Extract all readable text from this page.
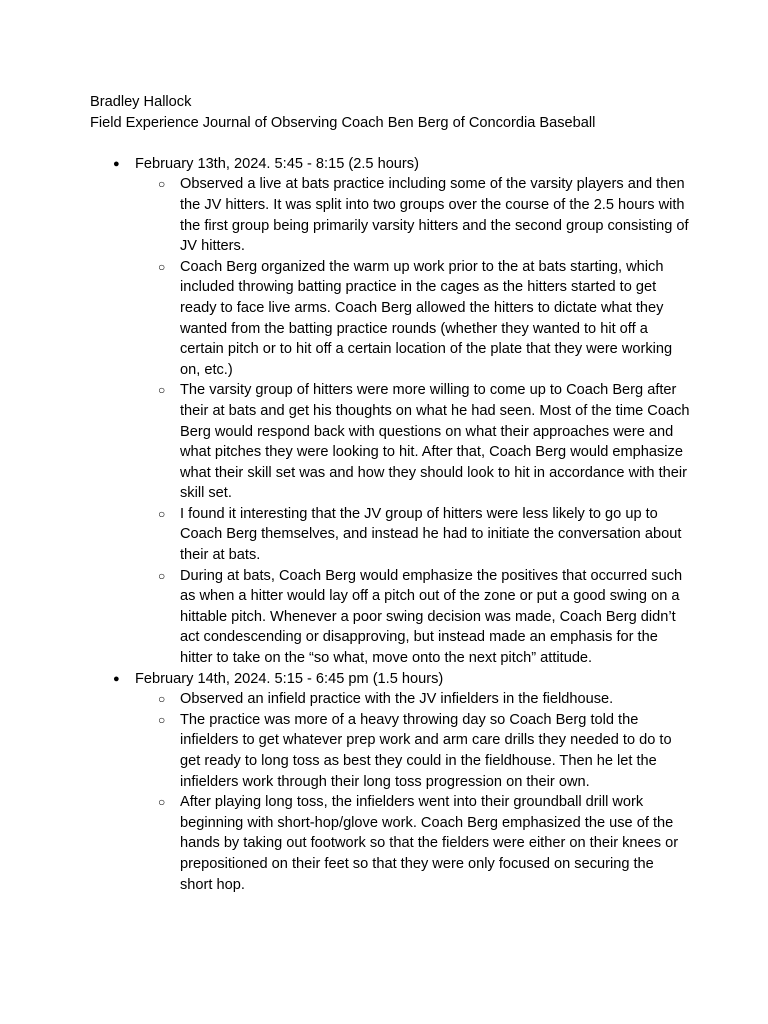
Bradley Hallock

Field Experience Journal of Observing Coach Ben Berg of Concordia Baseball

● February 13th, 2024. 5:45 - 8:15 (2.5 hours)
○ Observed a live at bats practice including some of the varsity players and then the JV hitters. It was split into two groups over the course of the 2.5 hours with the first group being primarily varsity hitters and the second group consisting of JV hitters.
○ Coach Berg organized the warm up work prior to the at bats starting, which included throwing batting practice in the cages as the hitters started to get ready to face live arms. Coach Berg allowed the hitters to dictate what they wanted from the batting practice rounds (whether they wanted to hit off a certain pitch or to hit off a certain location of the plate that they were working on, etc.)
○ The varsity group of hitters were more willing to come up to Coach Berg after their at bats and get his thoughts on what he had seen. Most of the time Coach Berg would respond back with questions on what their approaches were and what pitches they were looking to hit. After that, Coach Berg would emphasize what their skill set was and how they should look to hit in accordance with their skill set.
○ I found it interesting that the JV group of hitters were less likely to go up to Coach Berg themselves, and instead he had to initiate the conversation about their at bats.
○ During at bats, Coach Berg would emphasize the positives that occurred such as when a hitter would lay off a pitch out of the zone or put a good swing on a hittable pitch. Whenever a poor swing decision was made, Coach Berg didn’t act condescending or disapproving, but instead made an emphasis for the hitter to take on the “so what, move onto the next pitch” attitude.
● February 14th, 2024. 5:15 - 6:45 pm (1.5 hours)
○ Observed an infield practice with the JV infielders in the fieldhouse.
○ The practice was more of a heavy throwing day so Coach Berg told the infielders to get whatever prep work and arm care drills they needed to do to get ready to long toss as best they could in the fieldhouse. Then he let the infielders work through their long toss progression on their own.
○ After playing long toss, the infielders went into their groundball drill work beginning with short-hop/glove work. Coach Berg emphasized the use of the hands by taking out footwork so that the fielders were either on their knees or prepositioned on their feet so that they were only focused on securing the short hop.
